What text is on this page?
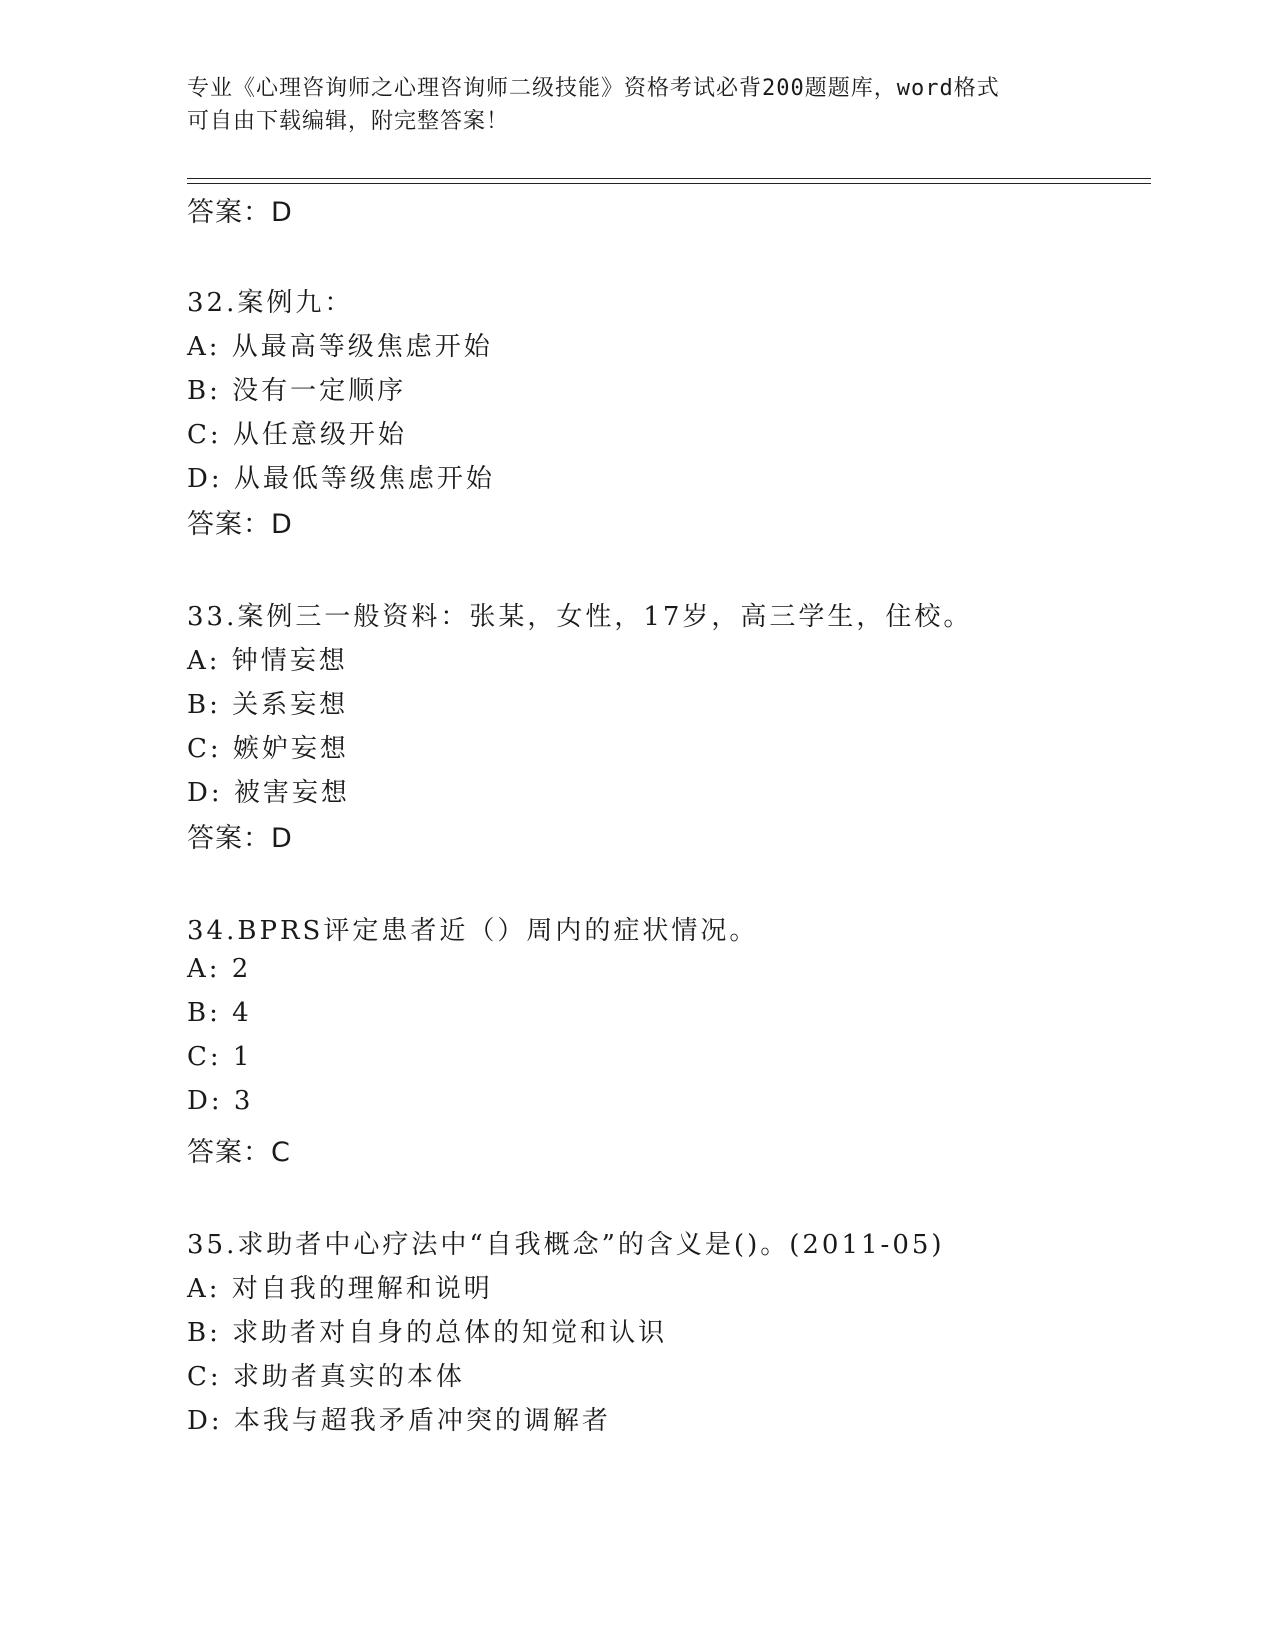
专业《心理咨询师之心理咨询师二级技能》资格考试必背200题题库，word格式
可自由下载编辑，附完整答案！
答案：D
32.案例九：
A: 从最高等级焦虑开始
B: 没有一定顺序
C: 从任意级开始
D: 从最低等级焦虑开始
答案：D
33.案例三一般资料：张某，女性，17岁，高三学生，住校。
A: 钟情妄想
B: 关系妄想
C: 嫉妒妄想
D: 被害妄想
答案：D
34.BPRS评定患者近（）周内的症状情况。
A: 2
B: 4
C: 1
D: 3
答案：C
35.求助者中心疗法中“自我概念”的含义是()。(2011-05)
A: 对自我的理解和说明
B: 求助者对自身的总体的知觉和认识
C: 求助者真实的本体
D: 本我与超我矛盾冲突的调解者
